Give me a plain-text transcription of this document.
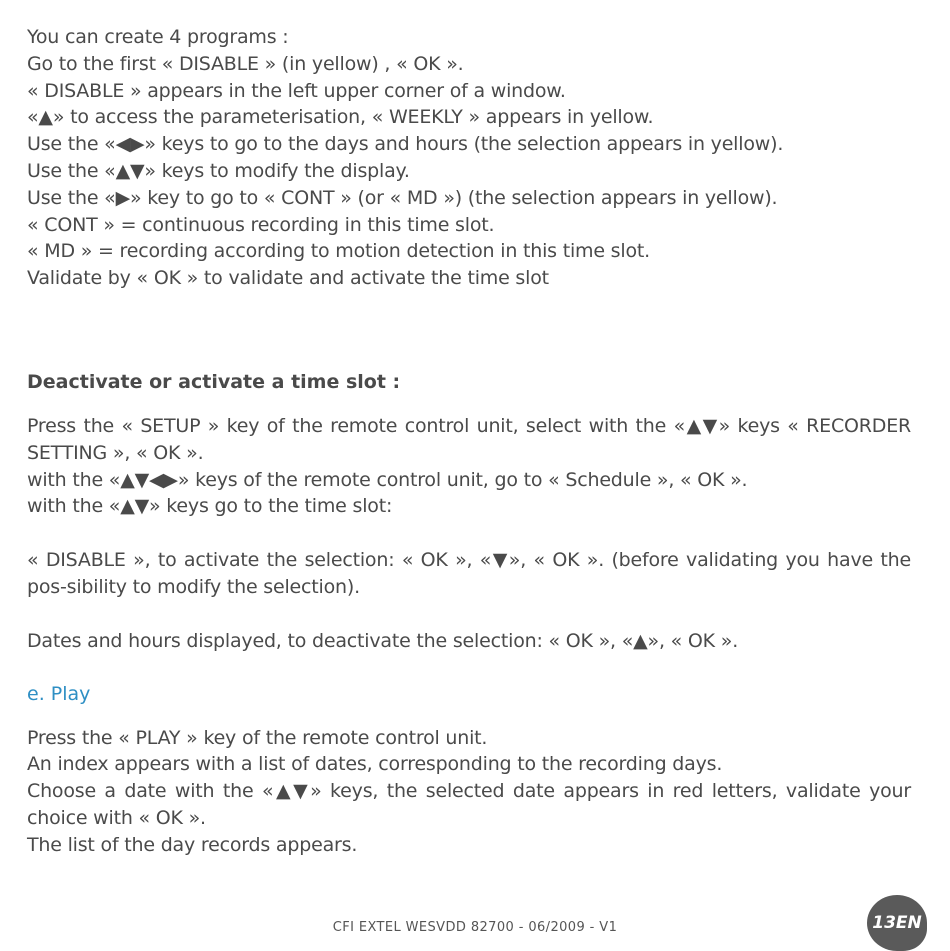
You can create 4 programs :
Go to the first « DISABLE » (in yellow) , « OK ».
« DISABLE » appears in the left upper corner of a window.
«▲» to access the parameterisation, « WEEKLY » appears in yellow.
Use the «◀▶» keys to go to the days and hours (the selection appears in yellow).
Use the «▲▼» keys to modify the display.
Use the «▶» key to go to « CONT » (or « MD ») (the selection appears in yellow).
« CONT » = continuous recording in this time slot.
« MD » = recording according to motion detection in this time slot.
Validate by « OK » to validate and activate the time slot
Deactivate or activate a time slot :
Press the « SETUP » key of the remote control unit, select with the «▲▼» keys « RECORDER SETTING », « OK ».
with the «▲▼◀▶» keys of the remote control unit, go to « Schedule », « OK ».
with the «▲▼» keys go to the time slot:
« DISABLE », to activate the selection: « OK », «▼», « OK ». (before validating you have the pos-sibility to modify the selection).
Dates and hours displayed, to deactivate the selection: « OK », «▲», « OK ».
e. Play
Press the « PLAY » key of the remote control unit.
An index appears with a list of dates, corresponding to the recording days.
Choose a date with the «▲▼» keys, the selected date appears in red letters, validate your choice with « OK ».
The list of the day records appears.
CFI EXTEL WESVDD 82700 - 06/2009 - V1	13EN
